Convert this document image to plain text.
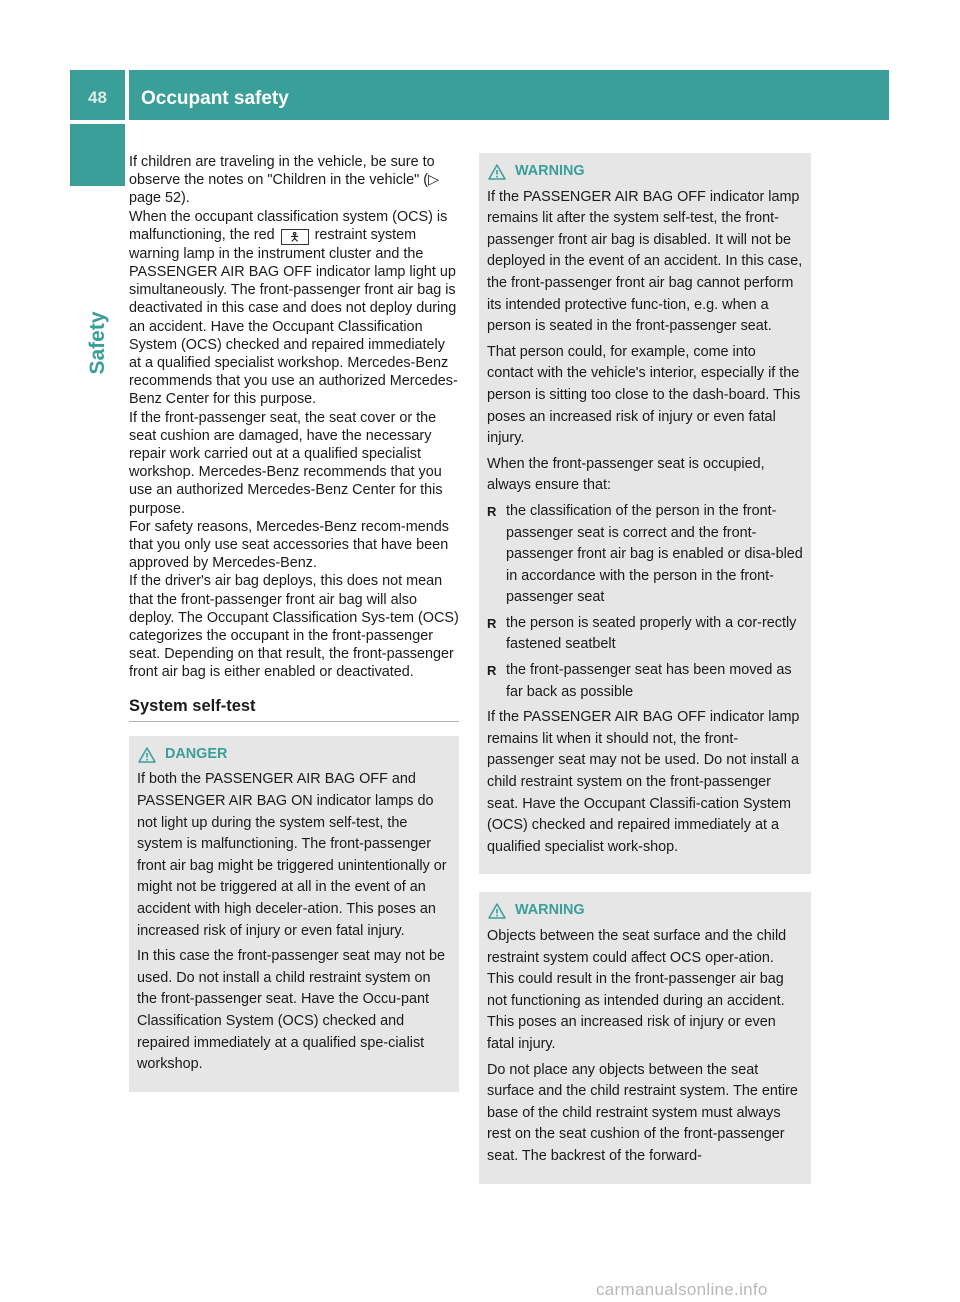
48	Occupant safety
Safety

If children are traveling in the vehicle, be sure to observe the notes on "Children in the vehicle" (▷ page 52).

When the occupant classification system (OCS) is malfunctioning, the red 🯅 restraint system warning lamp in the instrument cluster and the PASSENGER AIR BAG OFF indicator lamp light up simultaneously. The front-passenger front air bag is deactivated in this case and does not deploy during an accident. Have the Occupant Classification System (OCS) checked and repaired immediately at a qualified specialist workshop. Mercedes-Benz recommends that you use an authorized Mercedes-Benz Center for this purpose.

If the front-passenger seat, the seat cover or the seat cushion are damaged, have the necessary repair work carried out at a qualified specialist workshop. Mercedes-Benz recommends that you use an authorized Mercedes-Benz Center for this purpose.

For safety reasons, Mercedes-Benz recom-mends that you only use seat accessories that have been approved by Mercedes-Benz.

If the driver's air bag deploys, this does not mean that the front-passenger front air bag will also deploy. The Occupant Classification Sys-tem (OCS) categorizes the occupant in the front-passenger seat. Depending on that result, the front-passenger front air bag is either enabled or deactivated.

System self-test
DANGER

If both the PASSENGER AIR BAG OFF and PASSENGER AIR BAG ON indicator lamps do not light up during the system self-test, the system is malfunctioning. The front-passenger front air bag might be triggered unintentionally or might not be triggered at all in the event of an accident with high deceler-ation. This poses an increased risk of injury or even fatal injury.

In this case the front-passenger seat may not be used. Do not install a child restraint system on the front-passenger seat. Have the Occu-pant Classification System (OCS) checked and repaired immediately at a qualified spe-cialist workshop.

WARNING

If the PASSENGER AIR BAG OFF indicator lamp remains lit after the system self-test, the front-passenger front air bag is disabled. It will not be deployed in the event of an accident. In this case, the front-passenger front air bag cannot perform its intended protective func-tion, e.g. when a person is seated in the front-passenger seat.

That person could, for example, come into contact with the vehicle's interior, especially if the person is sitting too close to the dash-board. This poses an increased risk of injury or even fatal injury.

When the front-passenger seat is occupied, always ensure that:

R the classification of the person in the front-passenger seat is correct and the front-passenger front air bag is enabled or disa-bled in accordance with the person in the front-passenger seat
R the person is seated properly with a cor-rectly fastened seatbelt
R the front-passenger seat has been moved as far back as possible

If the PASSENGER AIR BAG OFF indicator lamp remains lit when it should not, the front-passenger seat may not be used. Do not install a child restraint system on the front-passenger seat. Have the Occupant Classifi-cation System (OCS) checked and repaired immediately at a qualified specialist work-shop.

WARNING

Objects between the seat surface and the child restraint system could affect OCS oper-ation. This could result in the front-passenger air bag not functioning as intended during an accident. This poses an increased risk of injury or even fatal injury.

Do not place any objects between the seat surface and the child restraint system. The entire base of the child restraint system must always rest on the seat cushion of the front-passenger seat. The backrest of the forward-

carmanualsonline.info
